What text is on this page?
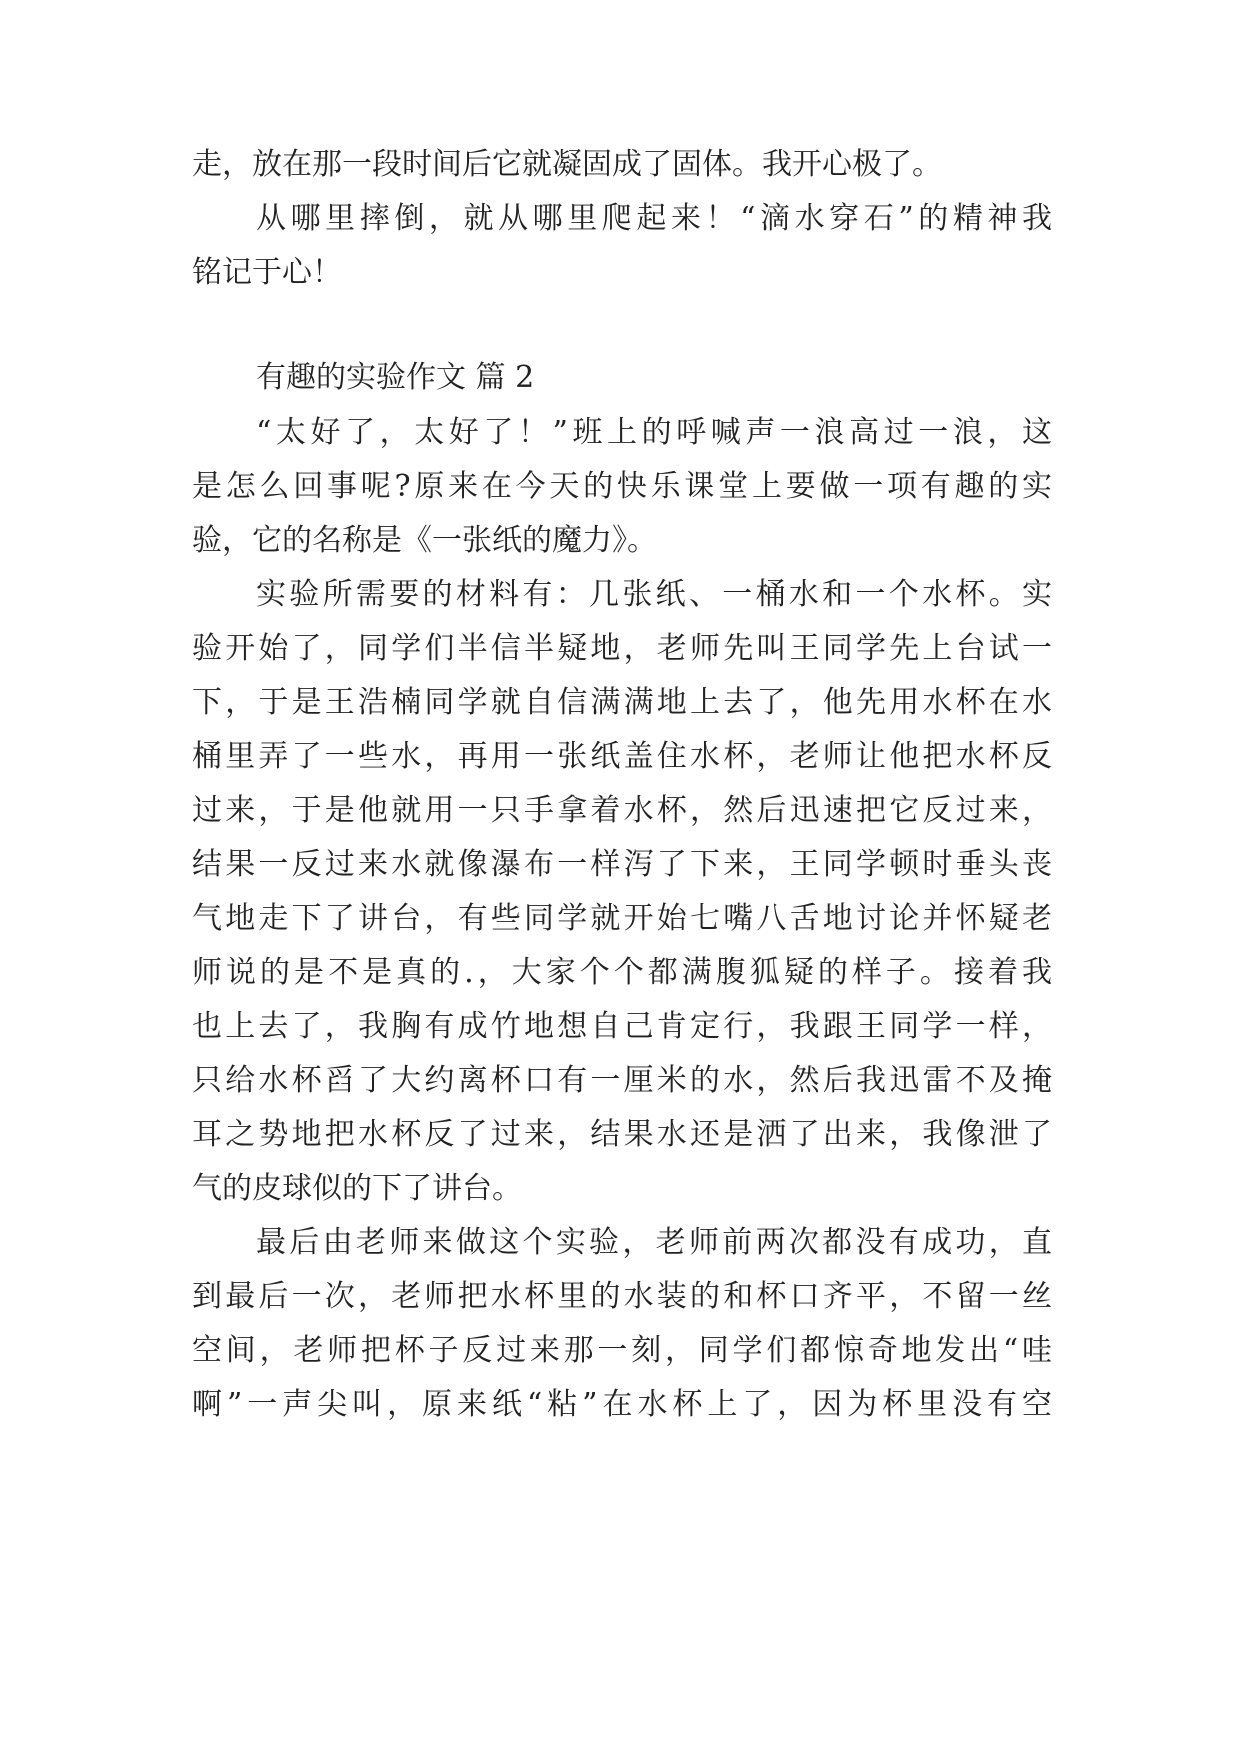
走，放在那一段时间后它就凝固成了固体。我开心极了。
从哪里摔倒，就从哪里爬起来！“滴水穿石”的精神我
铭记于心！
有趣的实验作文 篇 2
“太好了，太好了！”班上的呼喊声一浪高过一浪，这
是怎么回事呢?原来在今天的快乐课堂上要做一项有趣的实
验，它的名称是《一张纸的魔力》。
实验所需要的材料有：几张纸、一桶水和一个水杯。实
验开始了，同学们半信半疑地，老师先叫王同学先上台试一
下，于是王浩楠同学就自信满满地上去了，他先用水杯在水
桶里弄了一些水，再用一张纸盖住水杯，老师让他把水杯反
过来，于是他就用一只手拿着水杯，然后迅速把它反过来，
结果一反过来水就像瀑布一样泻了下来，王同学顿时垂头丧
气地走下了讲台，有些同学就开始七嘴八舌地讨论并怀疑老
师说的是不是真的.，大家个个都满腹狐疑的样子。接着我
也上去了，我胸有成竹地想自己肯定行，我跟王同学一样，
只给水杯舀了大约离杯口有一厘米的水，然后我迅雷不及掩
耳之势地把水杯反了过来，结果水还是洒了出来，我像泄了
气的皮球似的下了讲台。
最后由老师来做这个实验，老师前两次都没有成功，直
到最后一次，老师把水杯里的水装的和杯口齐平，不留一丝
空间，老师把杯子反过来那一刻，同学们都惊奇地发出“哇
啊”一声尖叫，原来纸“粘”在水杯上了，因为杯里没有空
